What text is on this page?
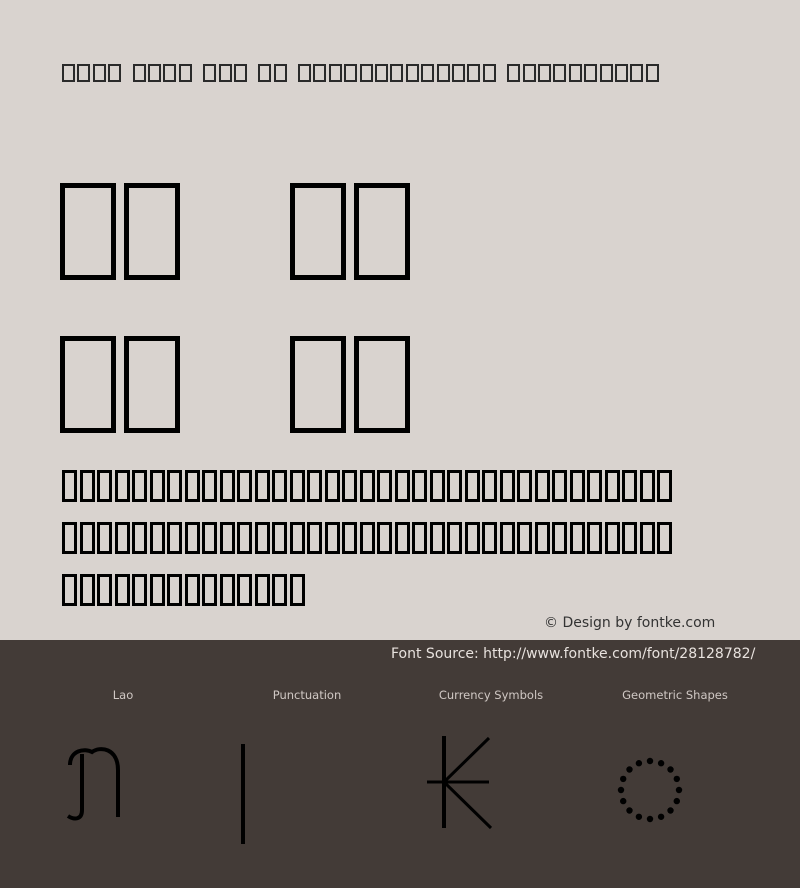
© Design by fontke.com
Font Source: http://www.fontke.com/font/28128782/
Lao	Punctuation	Currency Symbols	Geometric Shapes
